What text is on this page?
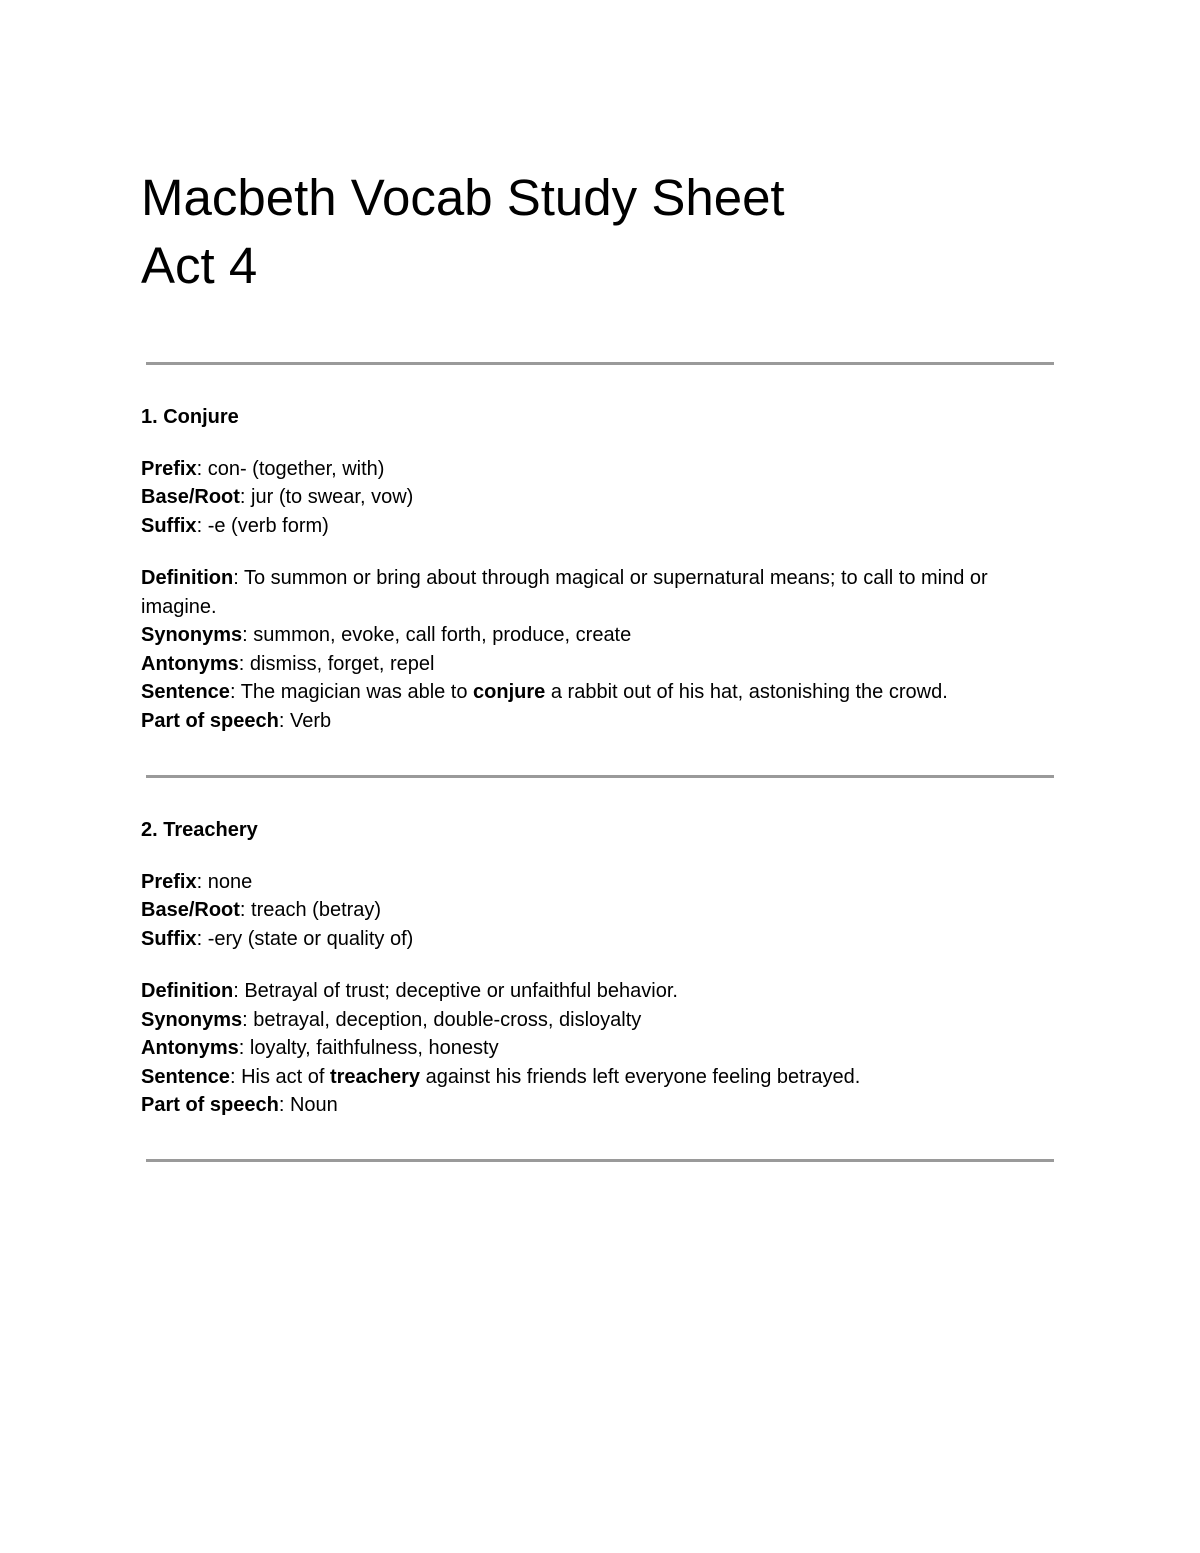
Macbeth Vocab Study Sheet
Act 4

1. Conjure

Prefix: con- (together, with)

Base/Root: jur (to swear, vow)

Suffix: -e (verb form)

Definition: To summon or bring about through magical or supernatural means; to call to mind or imagine.

Synonyms: summon, evoke, call forth, produce, create

Antonyms: dismiss, forget, repel

Sentence: The magician was able to conjure a rabbit out of his hat, astonishing the crowd.

Part of speech: Verb

2. Treachery

Prefix: none

Base/Root: treach (betray)

Suffix: -ery (state or quality of)

Definition: Betrayal of trust; deceptive or unfaithful behavior.

Synonyms: betrayal, deception, double-cross, disloyalty

Antonyms: loyalty, faithfulness, honesty

Sentence: His act of treachery against his friends left everyone feeling betrayed.

Part of speech: Noun
